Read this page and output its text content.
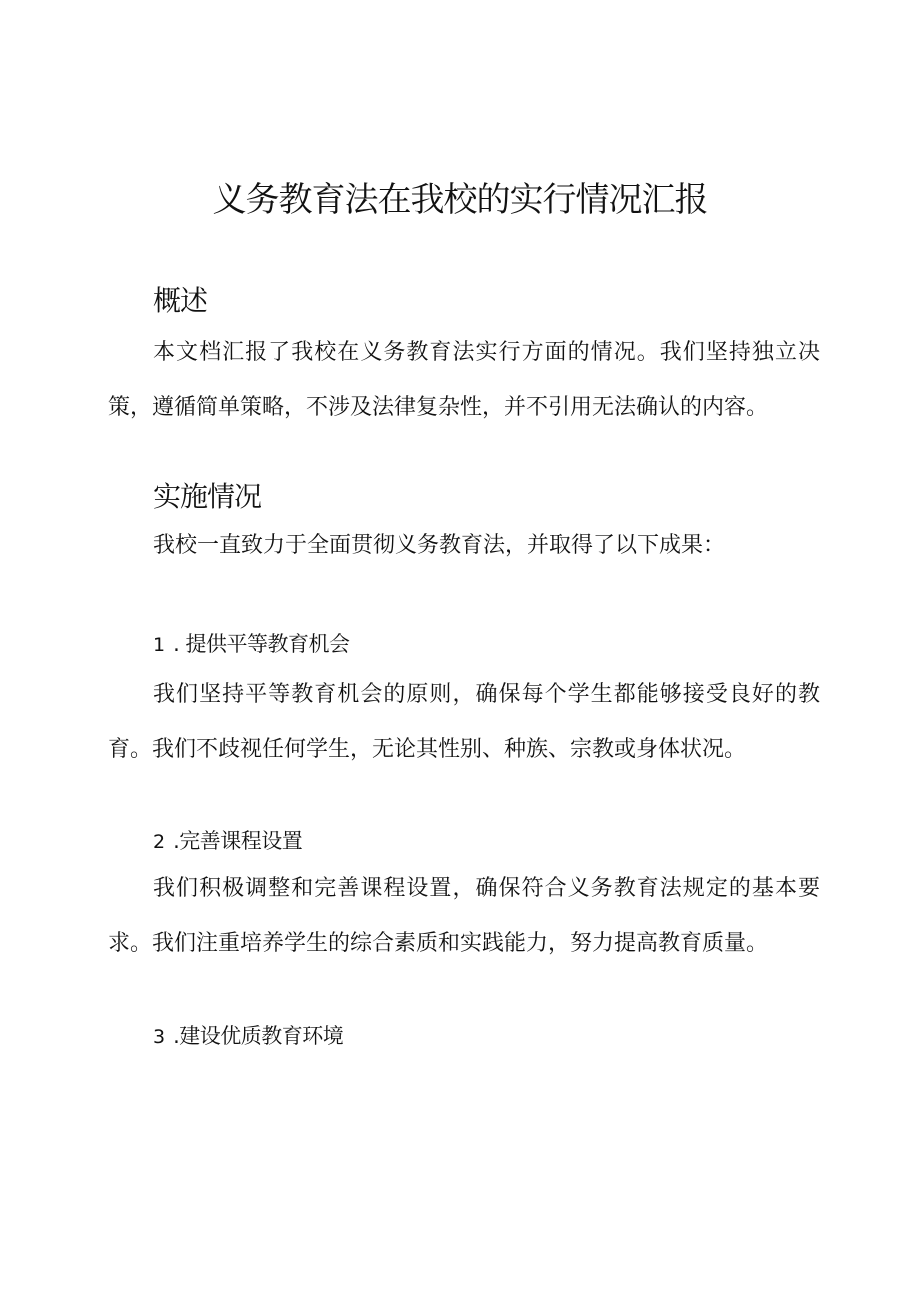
义务教育法在我校的实行情况汇报
概述

本文档汇报了我校在义务教育法实行方面的情况。我们坚持独立决策，遵循简单策略，不涉及法律复杂性，并不引用无法确认的内容。

实施情况
我校一直致力于全面贯彻义务教育法，并取得了以下成果：
1 . 提供平等教育机会

我们坚持平等教育机会的原则，确保每个学生都能够接受良好的教育。我们不歧视任何学生，无论其性别、种族、宗教或身体状况。

2 .完善课程设置

我们积极调整和完善课程设置，确保符合义务教育法规定的基本要求。我们注重培养学生的综合素质和实践能力，努力提高教育质量。

3 .建设优质教育环境
